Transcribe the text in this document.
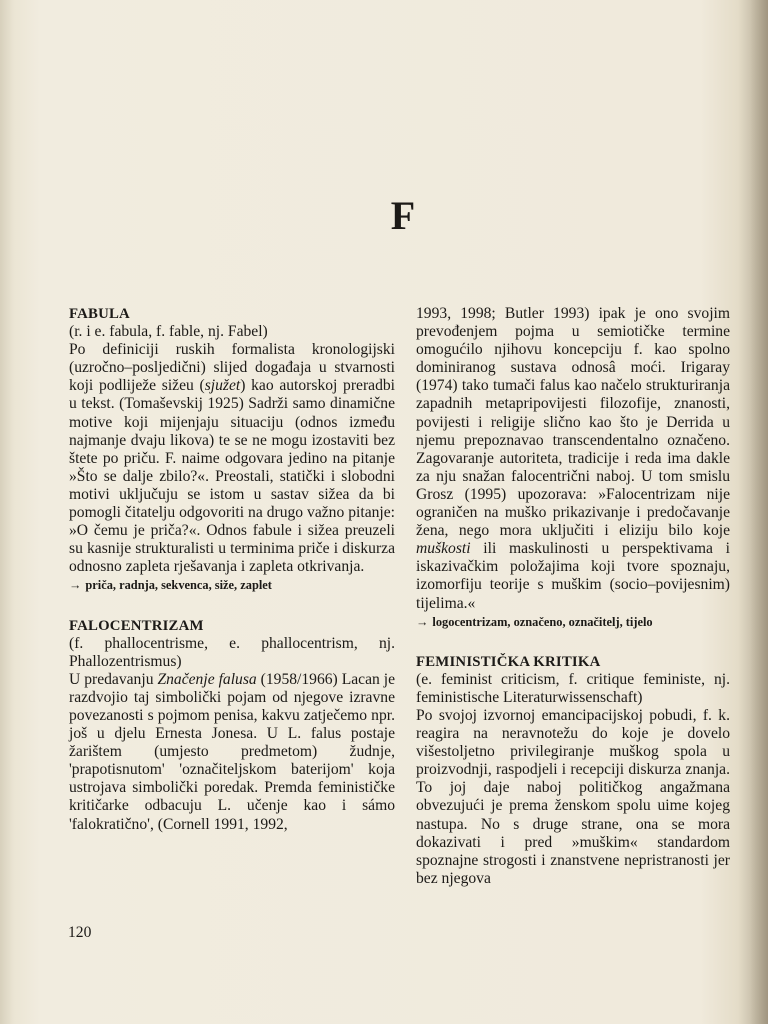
F

FABULA

(r. i e. fabula, f. fable, nj. Fabel)

Po definiciji ruskih formalista kronologijski (uzročno–posljedični) slijed događaja u stvarnosti koji podliježe sižeu (sjužet) kao autorskoj preradbi u tekst. (Tomaševskij 1925) Sadrži samo dinamične motive koji mijenjaju situaciju (odnos između najmanje dvaju likova) te se ne mogu izostaviti bez štete po priču. F. naime odgovara jedino na pitanje »Što se dalje zbilo?«. Preostali, statički i slobodni motivi uključuju se istom u sastav sižea da bi pomogli čitatelju odgovoriti na drugo važno pitanje: »O čemu je priča?«. Odnos fabule i sižea preuzeli su kasnije strukturalisti u terminima priče i diskurza odnosno zapleta rješavanja i zapleta otkrivanja.

→ priča, radnja, sekvenca, siže, zaplet

FALOCENTRIZAM

(f. phallocentrisme, e. phallocentrism, nj. Phallozentrismus)

U predavanju Značenje falusa (1958/1966) Lacan je razdvojio taj simbolički pojam od njegove izravne povezanosti s pojmom penisa, kakvu zatječemo npr. još u djelu Ernesta Jonesa. U L. falus postaje žarištem (umjesto predmetom) žudnje, 'prapotisnutom' 'označiteljskom baterijom' koja ustrojava simbolički poredak. Premda feminističke kritičarke odbacuju L. učenje kao i sámo 'falokratično', (Cornell 1991, 1992,

1993, 1998; Butler 1993) ipak je ono svojim prevođenjem pojma u semiotičke termine omogućilo njihovu koncepciju f. kao spolno dominiranog sustava odnosâ moći. Irigaray (1974) tako tumači falus kao načelo strukturiranja zapadnih metapripovijesti filozofije, znanosti, povijesti i religije slično kao što je Derrida u njemu prepoznavao transcendentalno označeno. Zagovaranje autoriteta, tradicije i reda ima dakle za nju snažan falocentrični naboj. U tom smislu Grosz (1995) upozorava: »Falocentrizam nije ograničen na muško prikazivanje i predočavanje žena, nego mora uključiti i eliziju bilo koje muškosti ili maskulinosti u perspektivama i iskazivačkim položajima koji tvore spoznaju, izomorfiju teorije s muškim (socio–povijesnim) tijelima.«

→ logocentrizam, označeno, označitelj, tijelo

FEMINISTIČKA KRITIKA

(e. feminist criticism, f. critique feministe, nj. feministische Literaturwissenschaft)

Po svojoj izvornoj emancipacijskoj pobudi, f. k. reagira na neravnotežu do koje je dovelo višestoljetno privilegiranje muškog spola u proizvodnji, raspodjeli i recepciji diskurza znanja. To joj daje naboj političkog angažmana obvezujući je prema ženskom spolu uime kojeg nastupa. No s druge strane, ona se mora dokazivati i pred »muškim« standardom spoznajne strogosti i znanstvene nepristranosti jer bez njegova

120
